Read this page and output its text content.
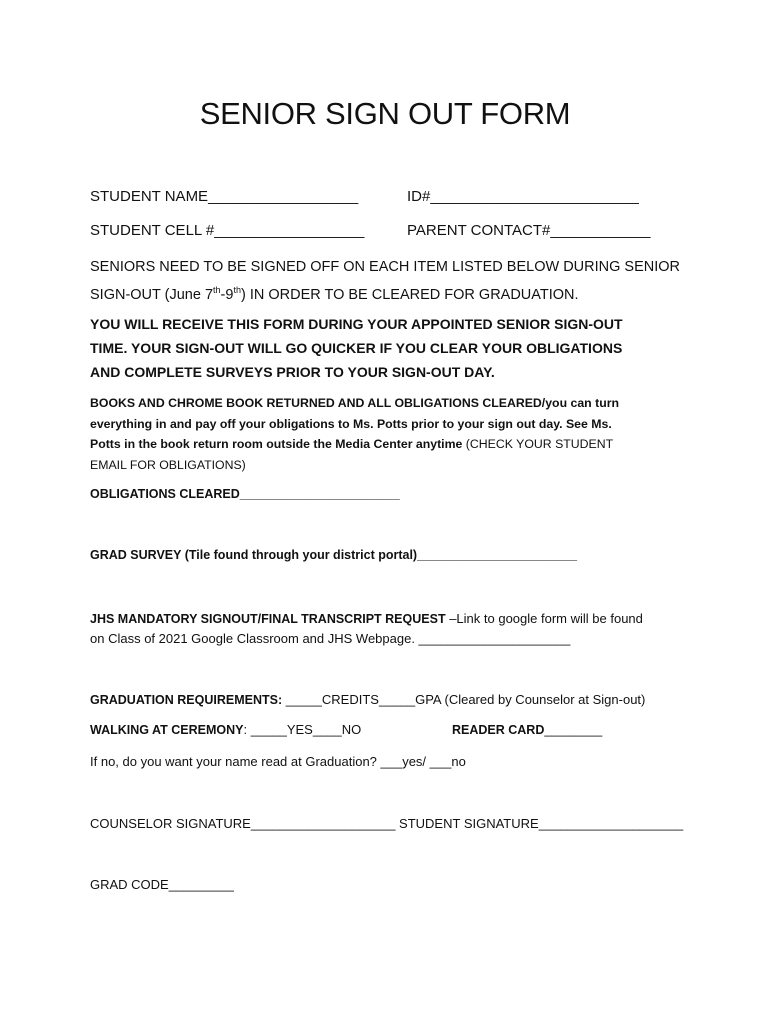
SENIOR SIGN OUT FORM
STUDENT NAME__________________	ID#_________________________
STUDENT CELL #__________________	PARENT CONTACT#____________
SENIORS NEED TO BE SIGNED OFF ON EACH ITEM LISTED BELOW DURING SENIOR
SIGN-OUT (June 7th-9th) IN ORDER TO BE CLEARED FOR GRADUATION.
YOU WILL RECEIVE THIS FORM DURING YOUR APPOINTED SENIOR SIGN-OUT
TIME. YOUR SIGN-OUT WILL GO QUICKER IF YOU CLEAR YOUR OBLIGATIONS
AND COMPLETE SURVEYS PRIOR TO YOUR SIGN-OUT DAY.
BOOKS AND CHROME BOOK RETURNED AND ALL OBLIGATIONS CLEARED/you can turn
everything in and pay off your obligations to Ms. Potts prior to your sign out day. See Ms.
Potts in the book return room outside the Media Center anytime (CHECK YOUR STUDENT
EMAIL FOR OBLIGATIONS)
OBLIGATIONS CLEARED_______________________
GRAD SURVEY (Tile found through your district portal)_______________________
JHS MANDATORY SIGNOUT/FINAL TRANSCRIPT REQUEST –Link to google form will be found
on Class of 2021 Google Classroom and JHS Webpage. _____________________
GRADUATION REQUIREMENTS: _____CREDITS_____GPA (Cleared by Counselor at Sign-out)
WALKING AT CEREMONY: _____YES____NO	READER CARD________
If no, do you want your name read at Graduation? ___yes/ ___no
COUNSELOR SIGNATURE____________________ STUDENT SIGNATURE____________________
GRAD CODE_________
